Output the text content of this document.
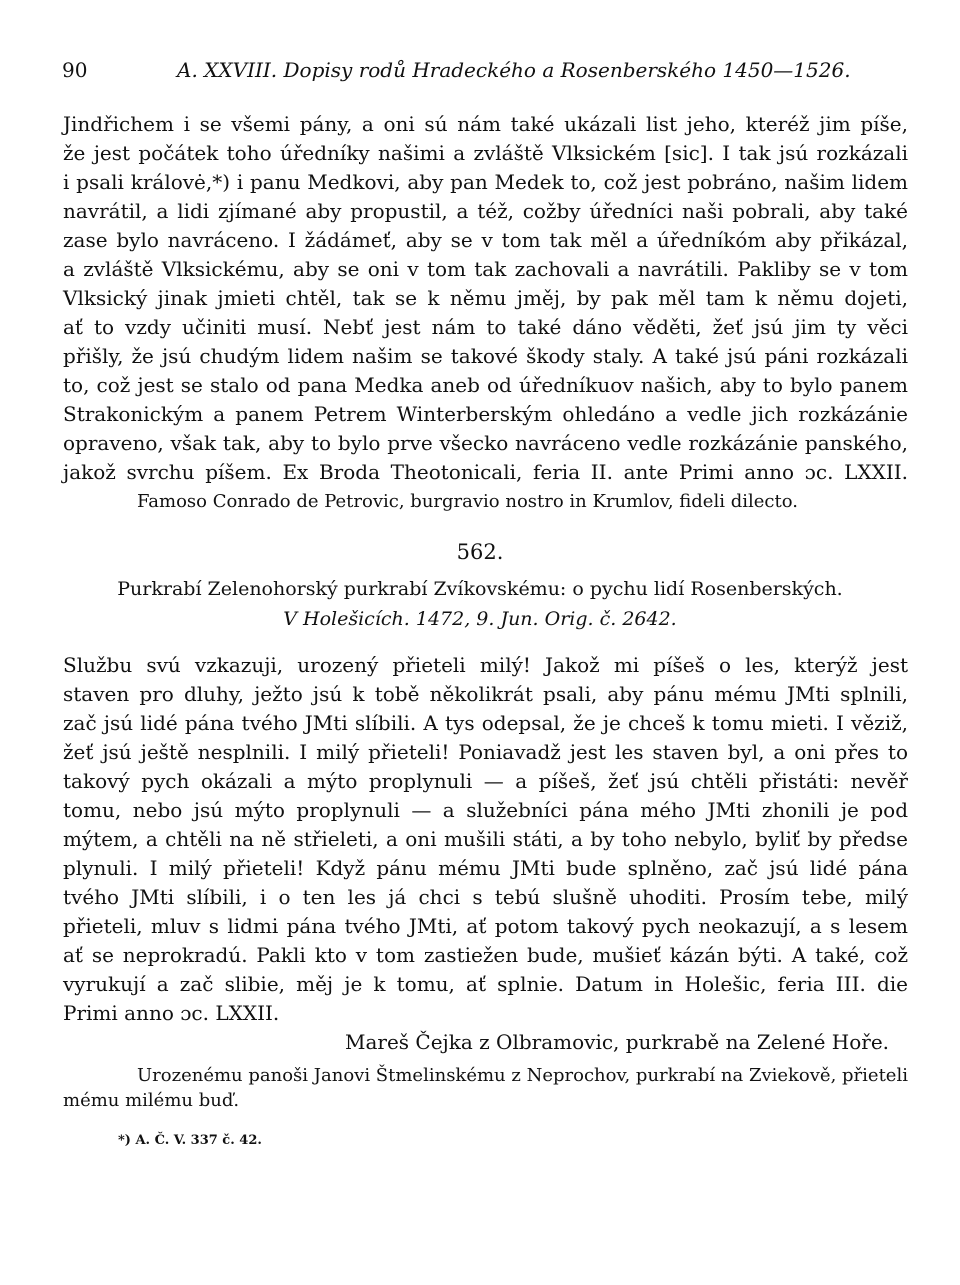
90	A. XXVIII. Dopisy rodů Hradeckého a Rosenberského 1450—1526.
Jindřichem i se všemi pány, a oni sú nám také ukázali list jeho, kteréž jim píše,
že jest počátek toho úředníky našimi a zvláště Vlksickém [sic]. I tak jsú rozkázali
i psali královė,*) i panu Medkovi, aby pan Medek to, což jest pobráno, našim lidem
navrátil, a lidi zjímané aby propustil, a též, cožby úředníci naši pobrali, aby také
zase bylo navráceno. I žádámeť, aby se v tom tak měl a úředníkóm aby přikázal,
a zvláště Vlksickému, aby se oni v tom tak zachovali a navrátili. Pakliby se v tom
Vlksický jinak jmieti chtěl, tak se k němu jměj, by pak měl tam k němu dojeti,
ať to vzdy učiniti musí. Nebť jest nám to také dáno věděti, žeť jsú jim ty věci
přišly, že jsú chudým lidem našim se takové škody staly. A také jsú páni rozkázali
to, což jest se stalo od pana Medka aneb od úředníkuov našich, aby to bylo panem
Strakonickým a panem Petrem Winterberským ohledáno a vedle jich rozkázánie
opraveno, však tak, aby to bylo prve všecko navráceno vedle rozkázánie panského,
jakož svrchu píšem. Ex Broda Theotonicali, feria II. ante Primi anno ɔc. LXXII.
Famoso Conrado de Petrovic, burgravio nostro in Krumlov, fideli dilecto.
562.
Purkrabí Zelenohorský purkrabí Zvíkovskému: o pychu lidí Rosenberských.
V Holešicích. 1472, 9. Jun. Orig. č. 2642.
Službu svú vzkazuji, urozený přieteli milý! Jakož mi píšeš o les, kterýž jest
staven pro dluhy, ježto jsú k tobě několikrát psali, aby pánu mému JMti splnili,
zač jsú lidé pána tvého JMti slíbili. A tys odepsal, že je chceš k tomu mieti. I věziž,
žeť jsú ještě nesplnili. I milý přieteli! Poniavadž jest les staven byl, a oni přes to
takový pych okázali a mýto proplynuli — a píšeš, žeť jsú chtěli přistáti: nevěř
tomu, nebo jsú mýto proplynuli — a služebníci pána mého JMti zhonili je pod
mýtem, a chtěli na ně střieleti, a oni mušili státi, a by toho nebylo, byliť by předse
plynuli. I milý přieteli! Když pánu mému JMti bude splněno, zač jsú lidé pána
tvého JMti slíbili, i o ten les já chci s tebú slušně uhoditi. Prosím tebe, milý
přieteli, mluv s lidmi pána tvého JMti, ať potom takový pych neokazují, a s lesem
ať se neprokradú. Pakli kto v tom zastiežen bude, mušieť kázán býti. A také, což
vyrukují a zač slibie, měj je k tomu, ať splnie. Datum in Holešic, feria III. die
Primi anno ɔc. LXXII.
Mareš Čejka z Olbramovic, purkrabě na Zelené Hoře.
Urozenému panoši Janovi Štmelinskému z Neprochov, purkrabí na Zviekově, přieteli
mému milému buď.
*) A. Č. V. 337 č. 42.
